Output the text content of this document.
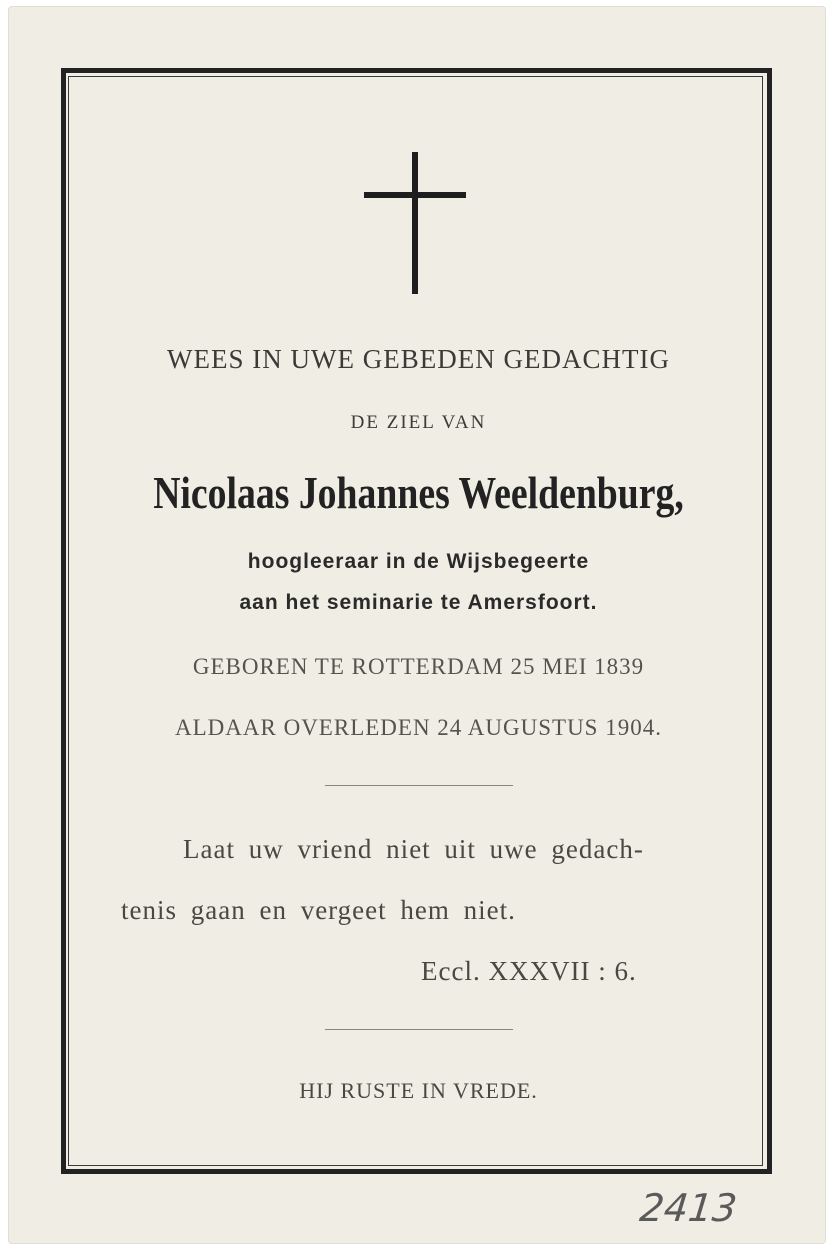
WEES IN UWE GEBEDEN GEDACHTIG
DE ZIEL VAN
Nicolaas Johannes Weeldenburg,
hoogleeraar in de Wijsbegeerte
aan het seminarie te Amersfoort.
GEBOREN TE ROTTERDAM 25 MEI 1839
ALDAAR OVERLEDEN 24 AUGUSTUS 1904.
Laat uw vriend niet uit uwe gedach-
tenis gaan en vergeet hem niet.
Eccl. XXXVII : 6.
HIJ RUSTE IN VREDE.
2413
